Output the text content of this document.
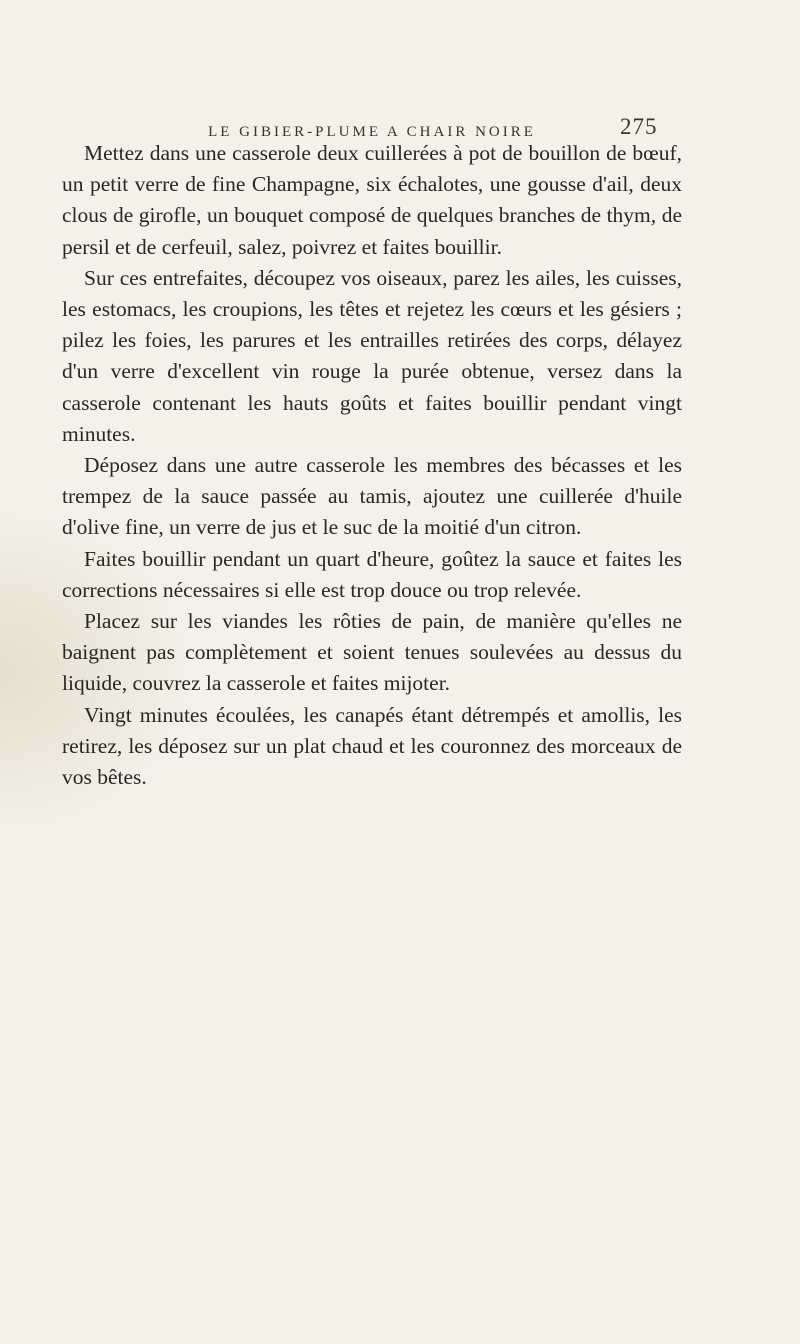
LE GIBIER-PLUME A CHAIR NOIRE	275

Mettez dans une casserole deux cuillerées à pot de bouillon de bœuf, un petit verre de fine Champagne, six échalotes, une gousse d'ail, deux clous de girofle, un bouquet composé de quelques branches de thym, de persil et de cerfeuil, salez, poivrez et faites bouillir.

Sur ces entrefaites, découpez vos oiseaux, parez les ailes, les cuisses, les estomacs, les croupions, les têtes et rejetez les cœurs et les gésiers ; pilez les foies, les parures et les entrailles retirées des corps, délayez d'un verre d'excellent vin rouge la purée obtenue, versez dans la casserole contenant les hauts goûts et faites bouillir pendant vingt minutes.

Déposez dans une autre casserole les membres des bécasses et les trempez de la sauce passée au tamis, ajoutez une cuillerée d'huile d'olive fine, un verre de jus et le suc de la moitié d'un citron.

Faites bouillir pendant un quart d'heure, goûtez la sauce et faites les corrections nécessaires si elle est trop douce ou trop relevée.

Placez sur les viandes les rôties de pain, de manière qu'elles ne baignent pas complètement et soient tenues soulevées au dessus du liquide, couvrez la casserole et faites mijoter.

Vingt minutes écoulées, les canapés étant détrempés et amollis, les retirez, les déposez sur un plat chaud et les couronnez des morceaux de vos bêtes.
